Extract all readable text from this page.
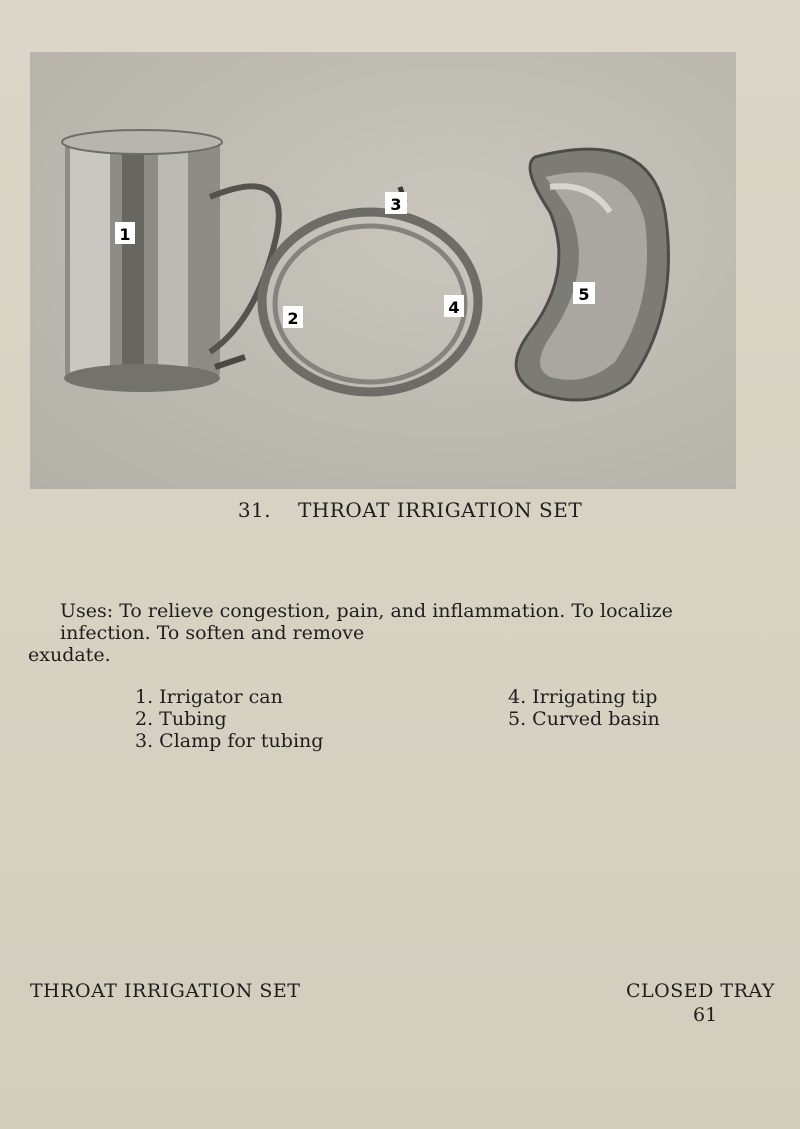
1
2
3
4
5
31. THROAT IRRIGATION SET
Uses: To relieve congestion, pain, and inflammation. To localize infection. To soften and remove
exudate.
1. Irrigator can
2. Tubing
3. Clamp for tubing
4. Irrigating tip
5. Curved basin
THROAT IRRIGATION SET	CLOSED TRAY
61
